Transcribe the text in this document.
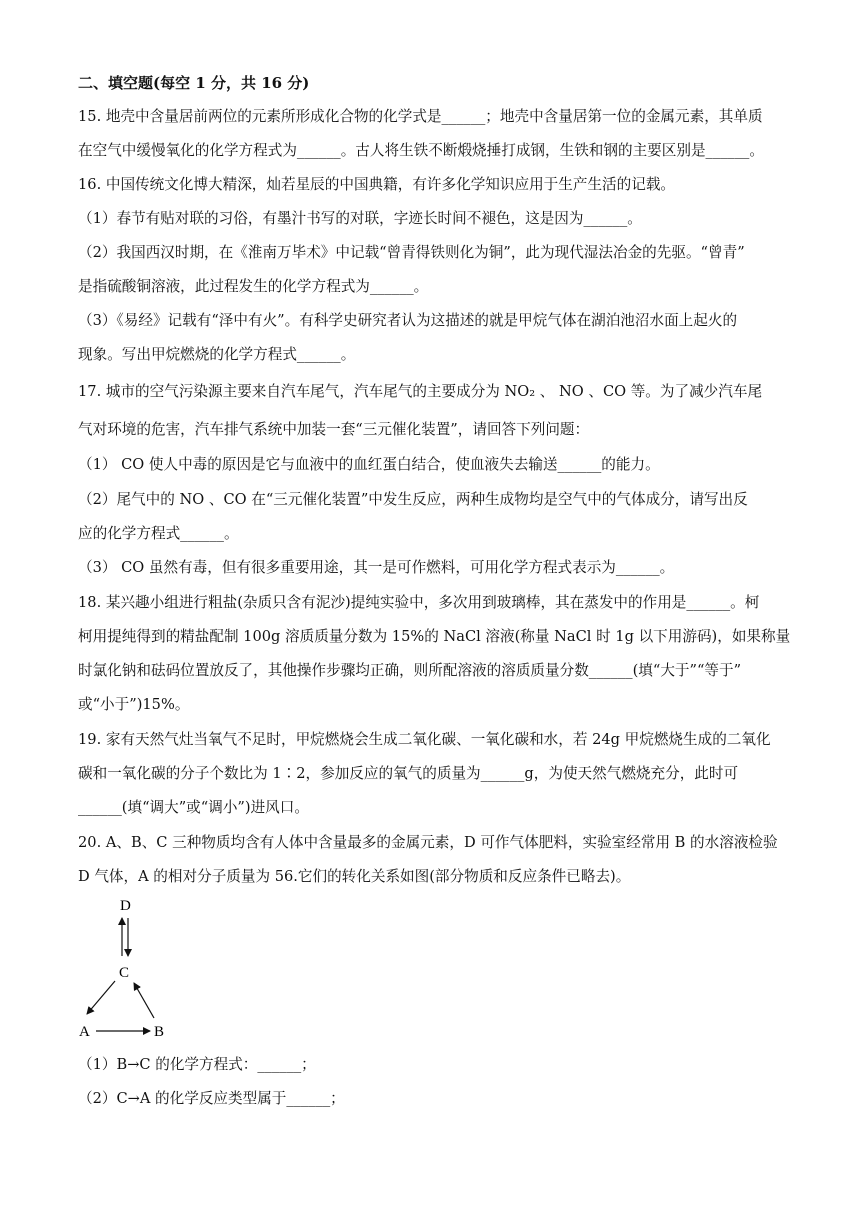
二、填空题(每空 1 分，共 16 分)
15. 地壳中含量居前两位的元素所形成化合物的化学式是______；地壳中含量居第一位的金属元素，其单质
在空气中缓慢氧化的化学方程式为______。古人将生铁不断煅烧捶打成钢，生铁和钢的主要区别是______。
16. 中国传统文化博大精深，灿若星辰的中国典籍，有许多化学知识应用于生产生活的记载。
（1）春节有贴对联的习俗，有墨汁书写的对联，字迹长时间不褪色，这是因为______。
（2）我国西汉时期，在《淮南万毕术》中记载“曾青得铁则化为铜”，此为现代湿法冶金的先驱。“曾青”
是指硫酸铜溶液，此过程发生的化学方程式为______。
（3）《易经》记载有“泽中有火”。有科学史研究者认为这描述的就是甲烷气体在湖泊池沼水面上起火的
现象。写出甲烷燃烧的化学方程式______。
17. 城市的空气污染源主要来自汽车尾气，汽车尾气的主要成分为 NO₂ 、 NO 、CO 等。为了减少汽车尾
气对环境的危害，汽车排气系统中加装一套“三元催化装置”，请回答下列问题：
（1） CO 使人中毒的原因是它与血液中的血红蛋白结合，使血液失去输送______的能力。
（2）尾气中的 NO 、CO 在“三元催化装置”中发生反应，两种生成物均是空气中的气体成分，请写出反
应的化学方程式______。
（3） CO 虽然有毒，但有很多重要用途，其一是可作燃料，可用化学方程式表示为______。
18. 某兴趣小组进行粗盐(杂质只含有泥沙)提纯实验中，多次用到玻璃棒，其在蒸发中的作用是______。柯
柯用提纯得到的精盐配制 100g 溶质质量分数为 15%的 NaCl 溶液(称量 NaCl 时 1g 以下用游码)，如果称量
时氯化钠和砝码位置放反了，其他操作步骤均正确，则所配溶液的溶质质量分数______(填“大于”“等于”
或“小于”)15%。
19. 家有天然气灶当氧气不足时，甲烷燃烧会生成二氧化碳、一氧化碳和水，若 24g 甲烷燃烧生成的二氧化
碳和一氧化碳的分子个数比为 1∶2，参加反应的氧气的质量为______g，为使天然气燃烧充分，此时可
______(填“调大”或“调小”)进风口。
20. A、B、C 三种物质均含有人体中含量最多的金属元素，D 可作气体肥料，实验室经常用 B 的水溶液检验
D 气体，A 的相对分子质量为 56.它们的转化关系如图(部分物质和反应条件已略去)。
D
C
A	B
（1）B→C 的化学方程式：______；
（2）C→A 的化学反应类型属于______；
